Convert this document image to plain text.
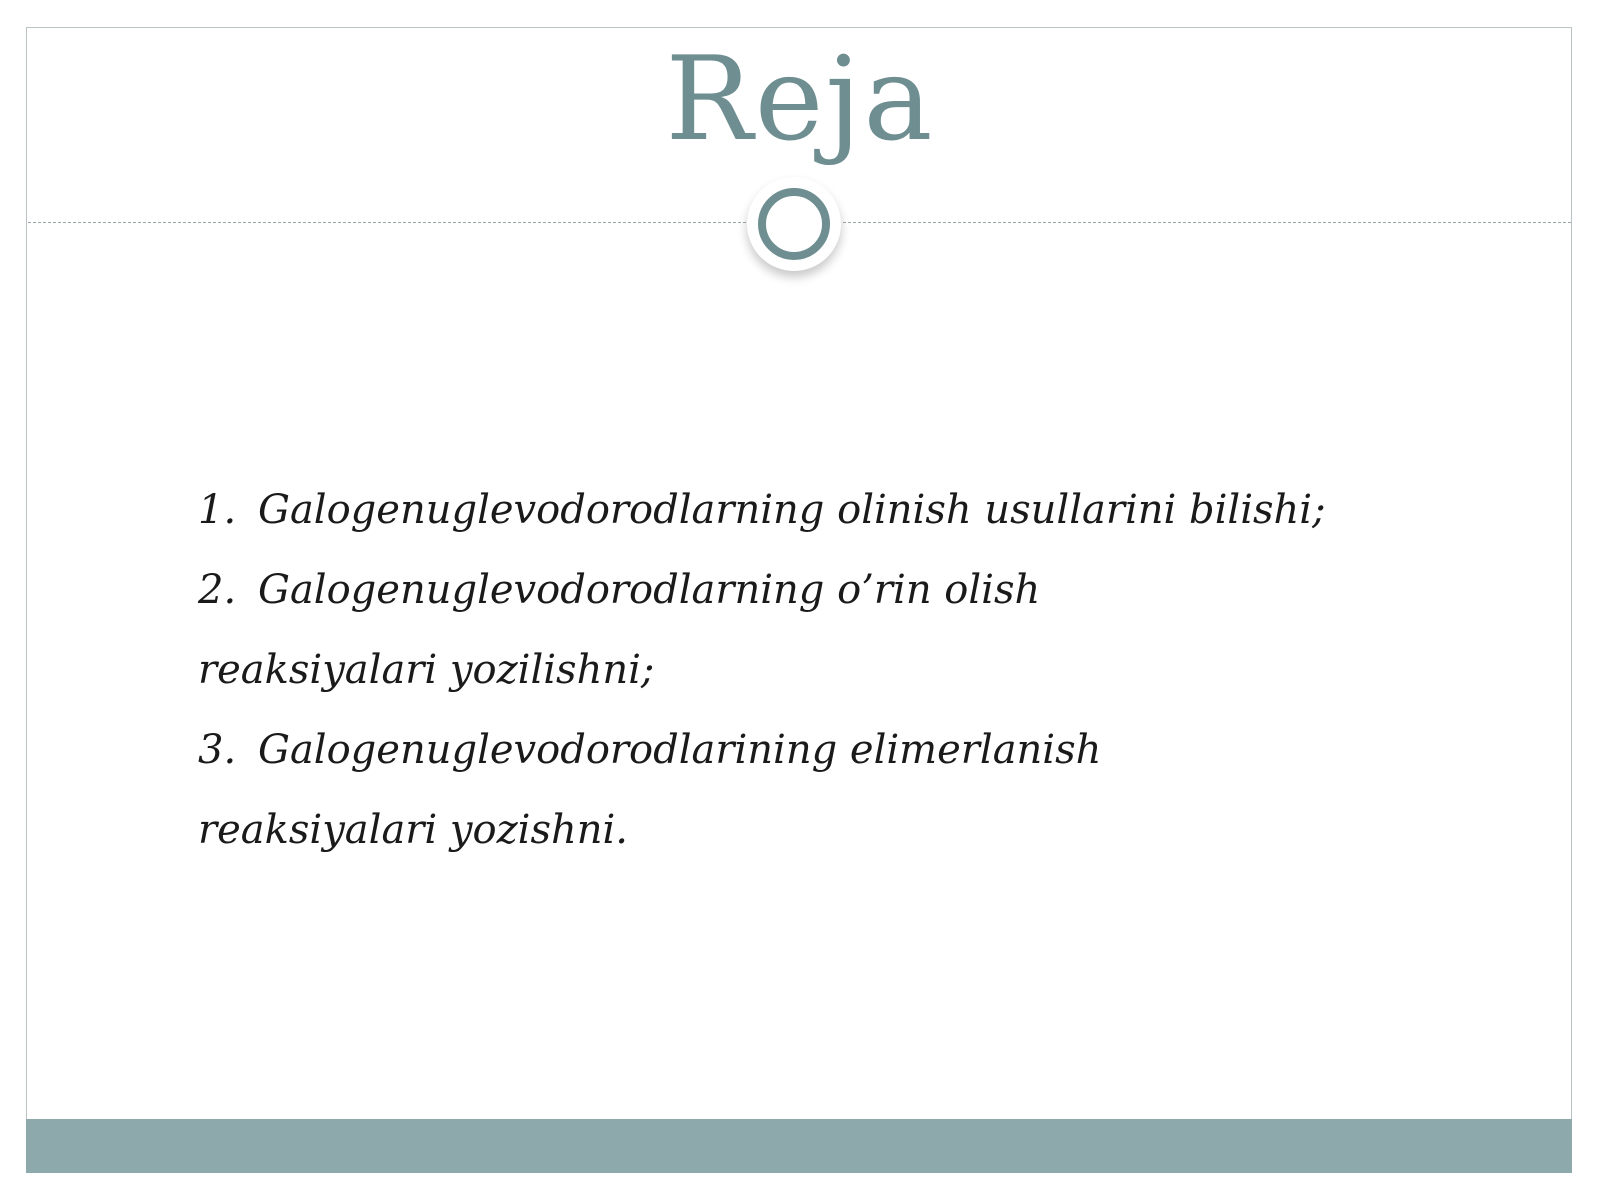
Reja
1. Galogenuglevodorodlarning olinish usullarini bilishi;
2. Galogenuglevodorodlarning o’rin olish
reaksiyalari yozilishni;
3. Galogenuglevodorodlarining elimerlanish
reaksiyalari yozishni.
